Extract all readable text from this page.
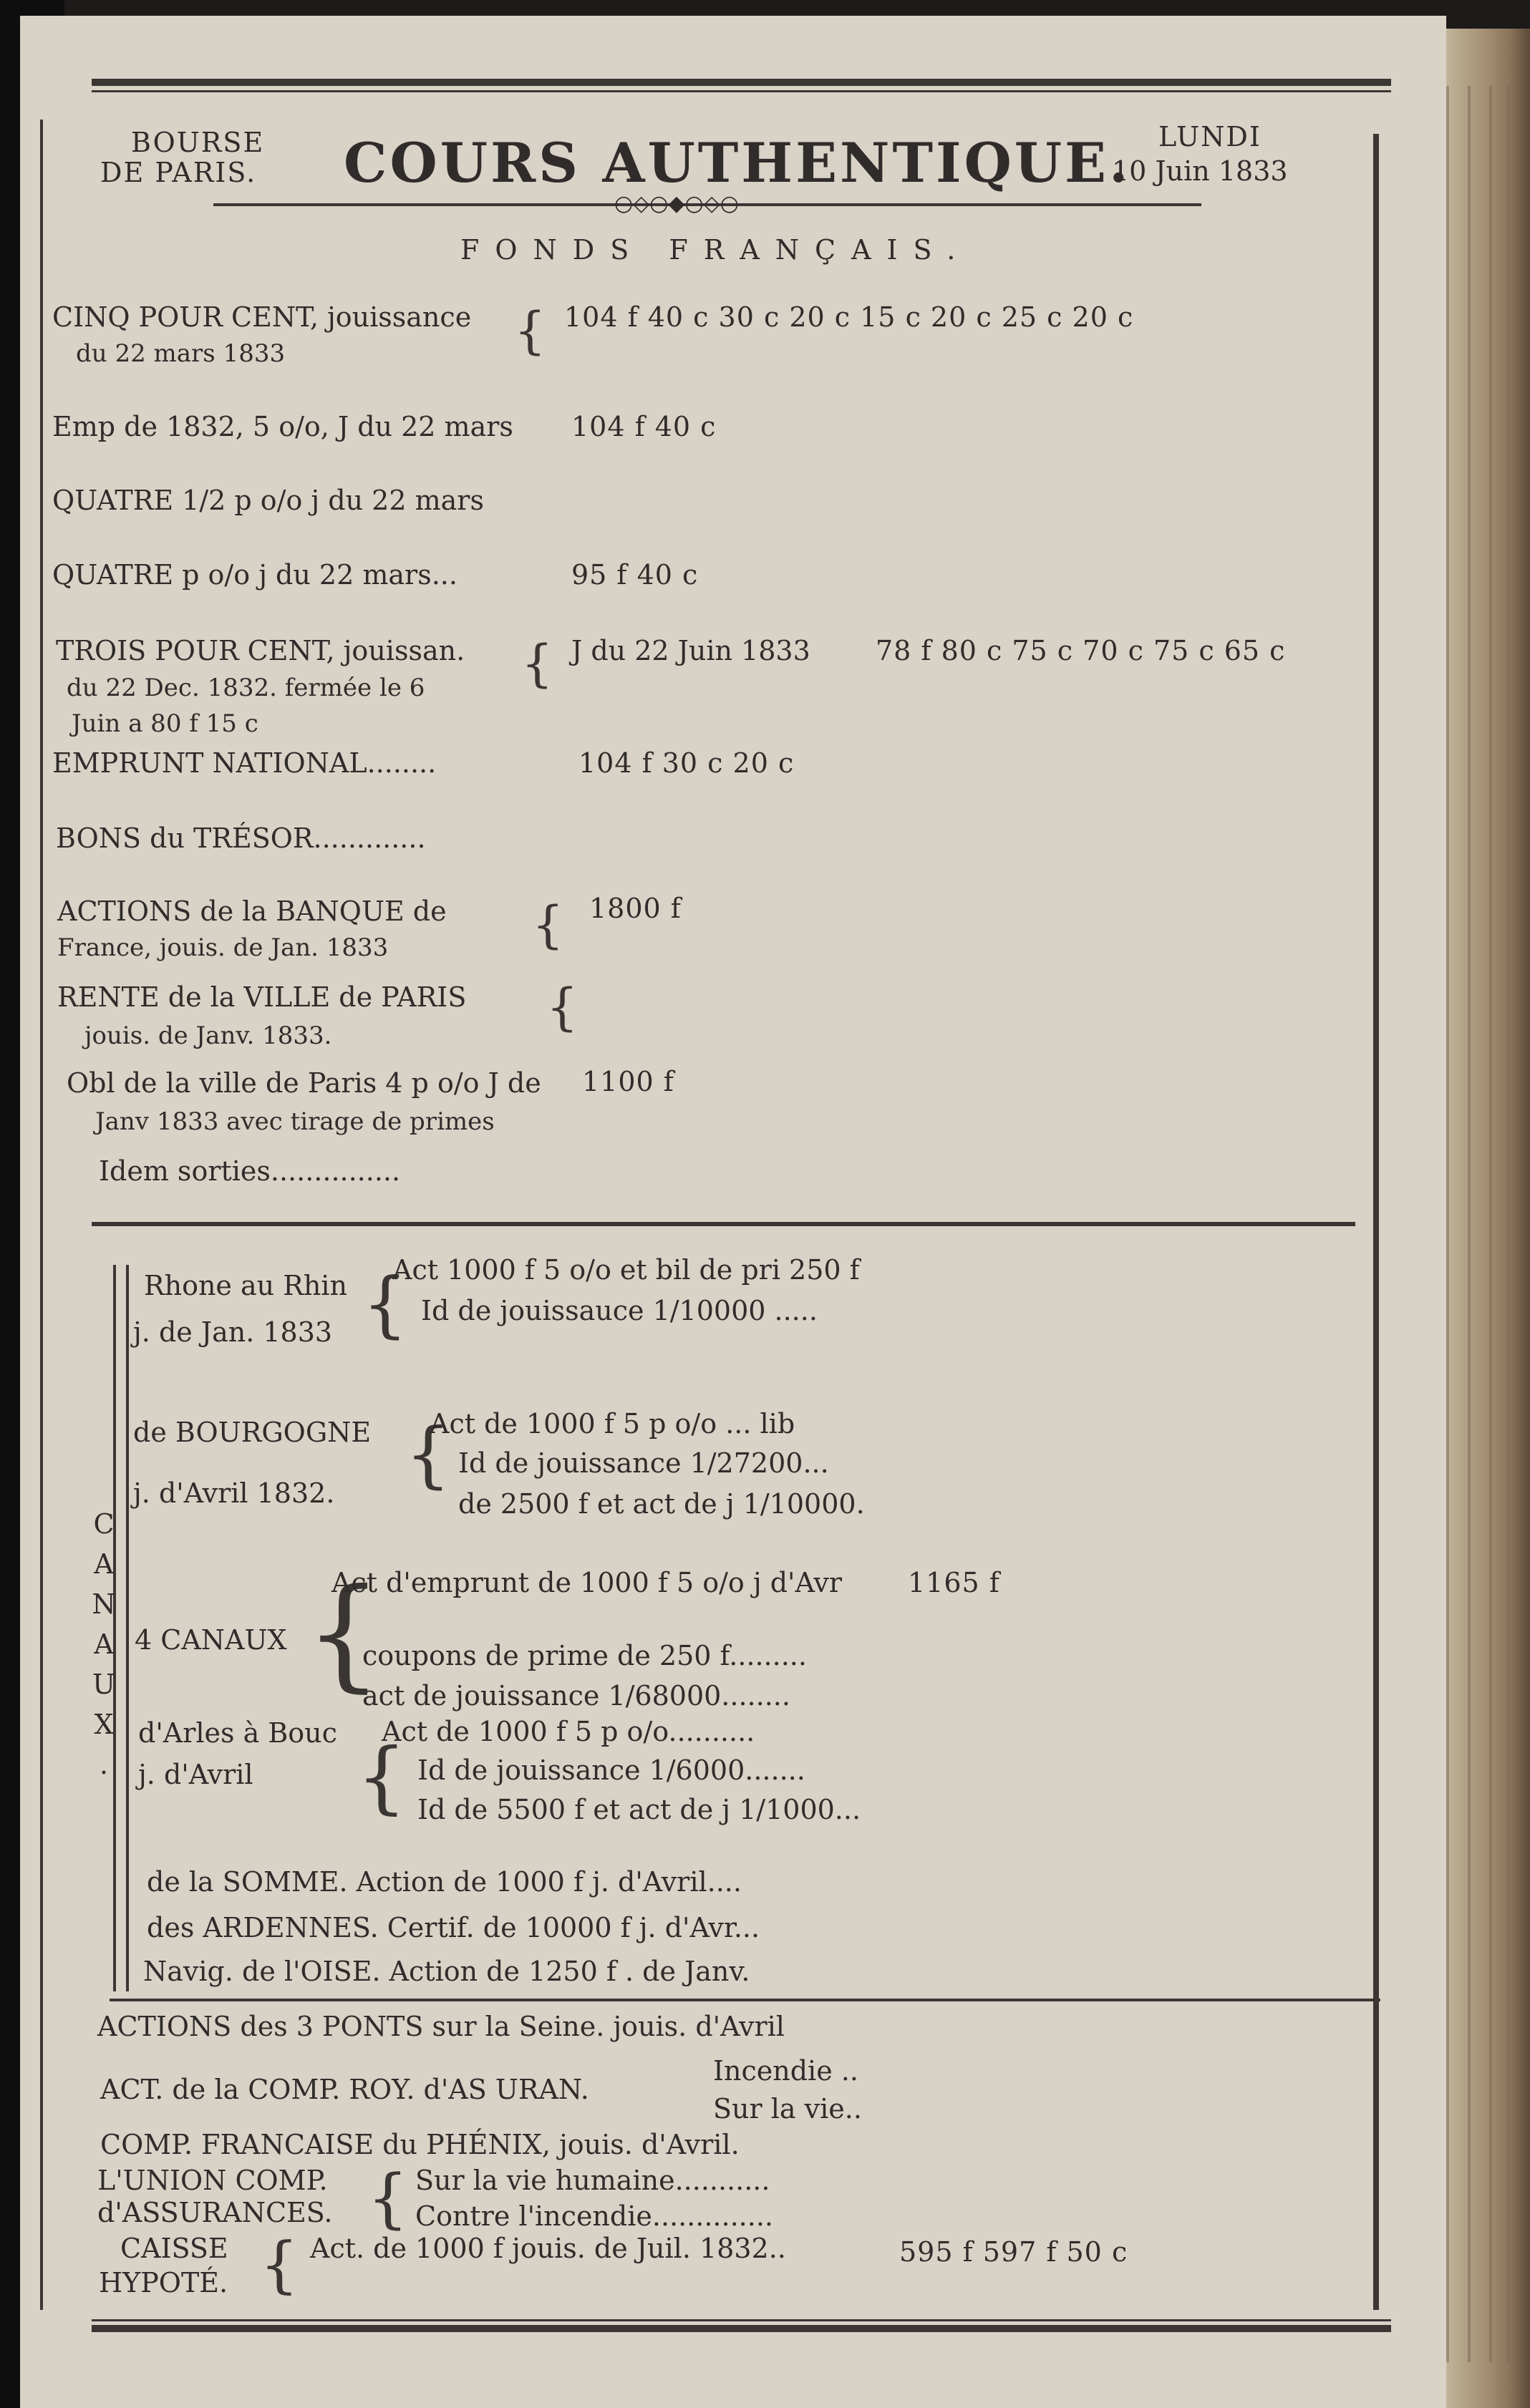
BOURSE
DE PARIS. COURS AUTHENTIQUE. LUNDI
10 Juin 1833
○◇○◆○◇○
FONDS FRANÇAIS.
CINQ POUR CENT, jouissance
du 22 mars 1833	{ 104 f 40 c 30 c 20 c 15 c 20 c 25 c 20 c
Emp de 1832, 5 o/o, J du 22 mars 104 f 40 c
QUATRE 1/2 p o/o j du 22 mars
QUATRE p o/o j du 22 mars...	95 f 40 c
TROIS POUR CENT, jouissan.
du 22 Dec. 1832. fermée le 6
Juin a 80 f 15 c
{ J du 22 Juin 1833 78 f 80 c 75 c 70 c 75 c 65 c
EMPRUNT NATIONAL........	104 f 30 c 20 c
BONS du TRÉSOR.............
ACTIONS de la BANQUE de
France, jouis. de Jan. 1833	{ 1800 f
RENTE de la VILLE de PARIS
jouis. de Janv. 1833.	{
Obl de la ville de Paris 4 p o/o J de
Janv 1833 avec tirage de primes
1100 f
Idem sorties...............
CANAUX.
Rhone au Rhin
j. de Jan. 1833 {
Act 1000 f 5 o/o et bil de pri 250 f
Id de jouissauce 1/10000 .....
de BOURGOGNE
j. d'Avril 1832. {
Act de 1000 f 5 p o/o ... lib
Id de jouissance 1/27200...
de 2500 f et act de j 1/10000.
4 CANAUX {
Act d'emprunt de 1000 f 5 o/o j d'Avr 1165 f
coupons de prime de 250 f.........
act de jouissance 1/68000........
d'Arles à Bouc
j. d'Avril {
Act de 1000 f 5 p o/o..........
Id de jouissance 1/6000.......
Id de 5500 f et act de j 1/1000...
de la SOMME. Action de 1000 f j. d'Avril....
des ARDENNES. Certif. de 10000 f j. d'Avr...
Navig. de l'OISE. Action de 1250 f . de Janv.
ACTIONS des 3 PONTS sur la Seine. jouis. d'Avril
ACT. de la COMP. ROY. d'AS URAN.
Incendie ..
Sur la vie..
COMP. FRANCAISE du PHÉNIX, jouis. d'Avril.
L'UNION COMP.
d'ASSURANCES. { Sur la vie humaine...........
Contre l'incendie..............
CAISSE
HYPOTÉ. { Act. de 1000 f jouis. de Juil. 1832..	595 f 597 f 50 c
